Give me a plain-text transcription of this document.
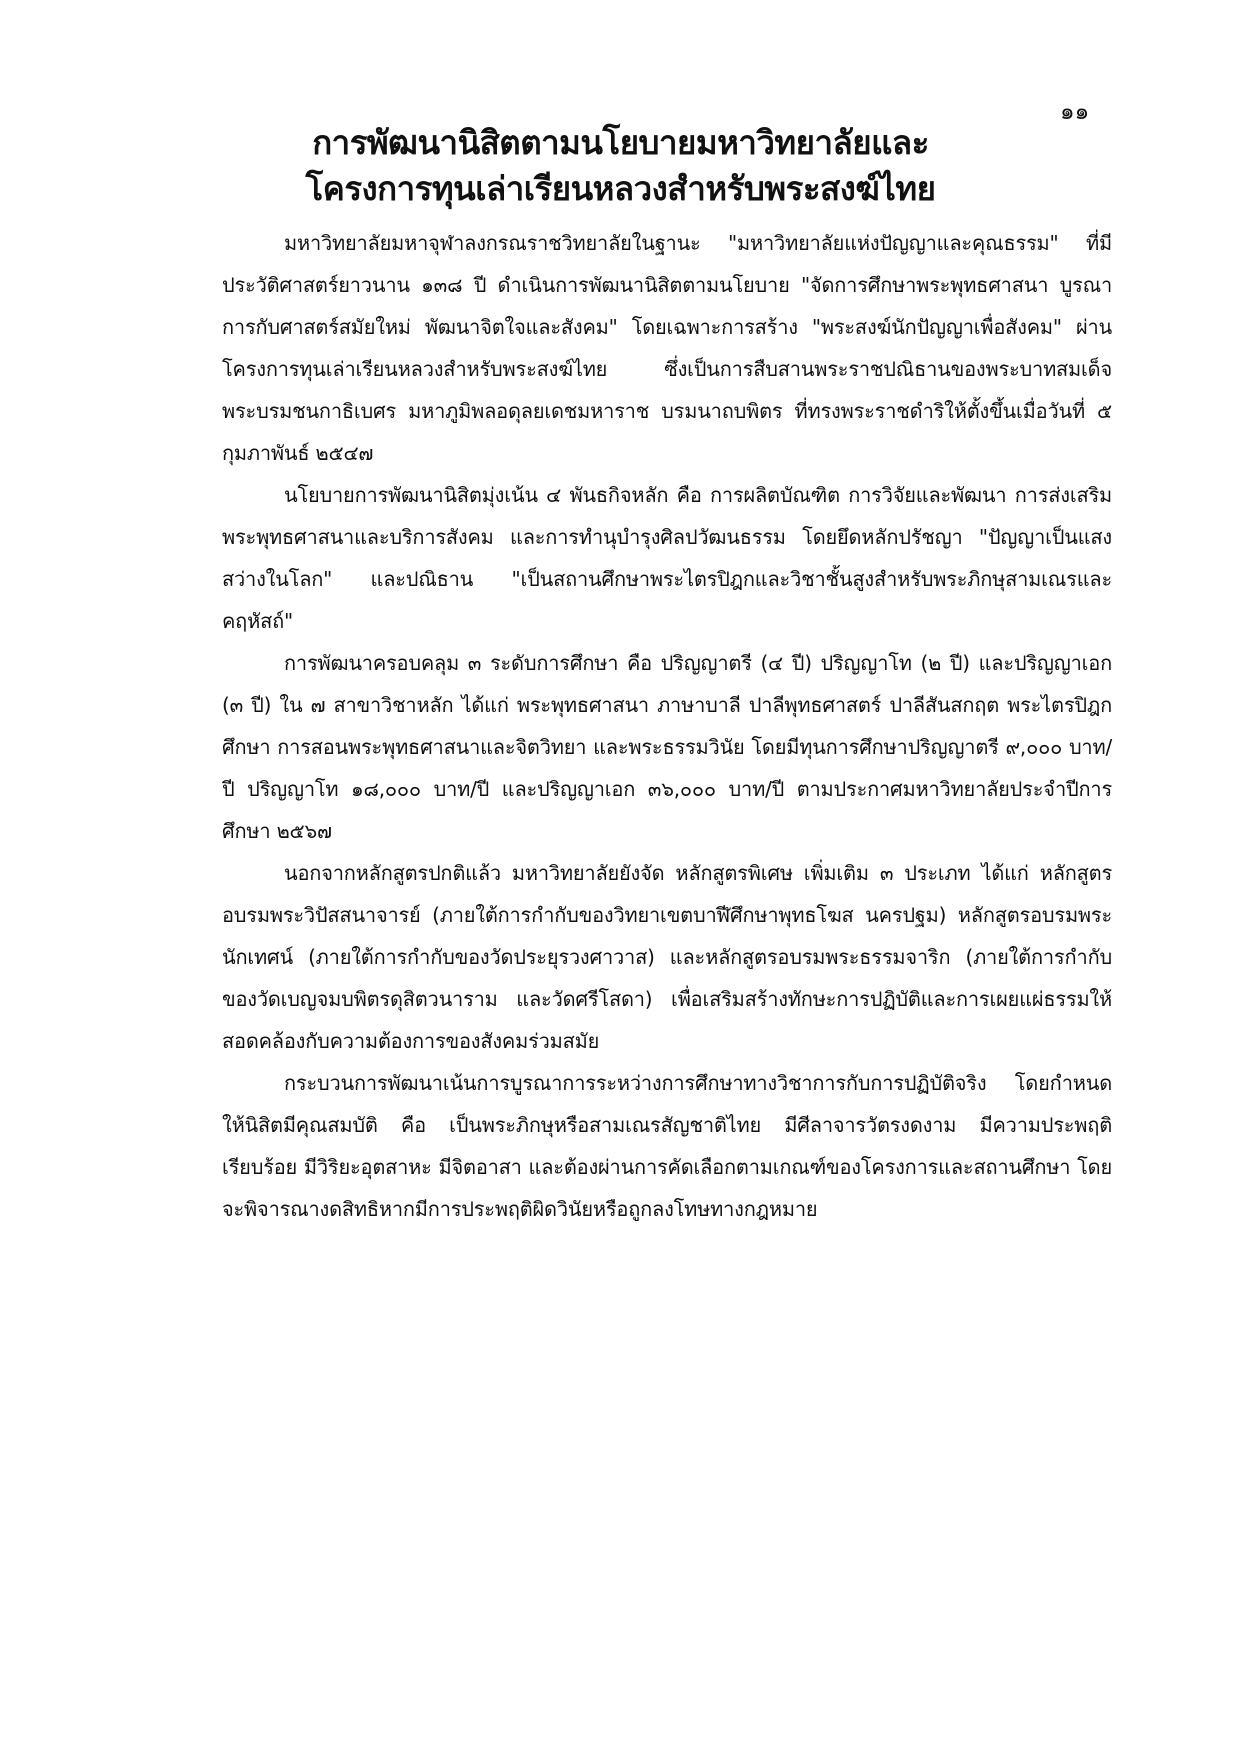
๑๑
การพัฒนานิสิตตามนโยบายมหาวิทยาลัยและ
โครงการทุนเล่าเรียนหลวงสำหรับพระสงฆ์ไทย

มหาวิทยาลัยมหาจุฬาลงกรณราชวิทยาลัยในฐานะ "มหาวิทยาลัยแห่งปัญญาและคุณธรรม" ที่มีประวัติศาสตร์ยาวนาน ๑๓๘ ปี ดำเนินการพัฒนานิสิตตามนโยบาย "จัดการศึกษาพระพุทธศาสนา บูรณาการกับศาสตร์สมัยใหม่ พัฒนาจิตใจและสังคม" โดยเฉพาะการสร้าง "พระสงฆ์นักปัญญาเพื่อสังคม" ผ่านโครงการทุนเล่าเรียนหลวงสำหรับพระสงฆ์ไทย ซึ่งเป็นการสืบสานพระราชปณิธานของพระบาทสมเด็จพระบรมชนกาธิเบศร มหาภูมิพลอดุลยเดชมหาราช บรมนาถบพิตร ที่ทรงพระราชดำริให้ตั้งขึ้นเมื่อวันที่ ๕ กุมภาพันธ์ ๒๕๔๗

นโยบายการพัฒนานิสิตมุ่งเน้น ๔ พันธกิจหลัก คือ การผลิตบัณฑิต การวิจัยและพัฒนา การส่งเสริมพระพุทธศาสนาและบริการสังคม และการทำนุบำรุงศิลปวัฒนธรรม โดยยึดหลักปรัชญา "ปัญญาเป็นแสงสว่างในโลก" และปณิธาน "เป็นสถานศึกษาพระไตรปิฎกและวิชาชั้นสูงสำหรับพระภิกษุสามเณรและคฤหัสถ์"

การพัฒนาครอบคลุม ๓ ระดับการศึกษา คือ ปริญญาตรี (๔ ปี) ปริญญาโท (๒ ปี) และปริญญาเอก (๓ ปี) ใน ๗ สาขาวิชาหลัก ได้แก่ พระพุทธศาสนา ภาษาบาลี ปาลีพุทธศาสตร์ ปาลีสันสกฤต พระไตรปิฎกศึกษา การสอนพระพุทธศาสนาและจิตวิทยา และพระธรรมวินัย โดยมีทุนการศึกษาปริญญาตรี ๙,๐๐๐ บาท/ปี ปริญญาโท ๑๘,๐๐๐ บาท/ปี และปริญญาเอก ๓๖,๐๐๐ บาท/ปี ตามประกาศมหาวิทยาลัยประจำปีการศึกษา ๒๕๖๗

นอกจากหลักสูตรปกติแล้ว มหาวิทยาลัยยังจัด หลักสูตรพิเศษ เพิ่มเติม ๓ ประเภท ได้แก่ หลักสูตรอบรมพระวิปัสสนาจารย์ (ภายใต้การกำกับของวิทยาเขตบาฬีศึกษาพุทธโฆส นครปฐม) หลักสูตรอบรมพระนักเทศน์ (ภายใต้การกำกับของวัดประยุรวงศาวาส) และหลักสูตรอบรมพระธรรมจาริก (ภายใต้การกำกับของวัดเบญจมบพิตรดุสิตวนาราม และวัดศรีโสดา) เพื่อเสริมสร้างทักษะการปฏิบัติและการเผยแผ่ธรรมให้สอดคล้องกับความต้องการของสังคมร่วมสมัย

กระบวนการพัฒนาเน้นการบูรณาการระหว่างการศึกษาทางวิชาการกับการปฏิบัติจริง โดยกำหนดให้นิสิตมีคุณสมบัติ คือ เป็นพระภิกษุหรือสามเณรสัญชาติไทย มีศีลาจารวัตรงดงาม มีความประพฤติเรียบร้อย มีวิริยะอุตสาหะ มีจิตอาสา และต้องผ่านการคัดเลือกตามเกณฑ์ของโครงการและสถานศึกษา โดยจะพิจารณางดสิทธิหากมีการประพฤติผิดวินัยหรือถูกลงโทษทางกฎหมาย
